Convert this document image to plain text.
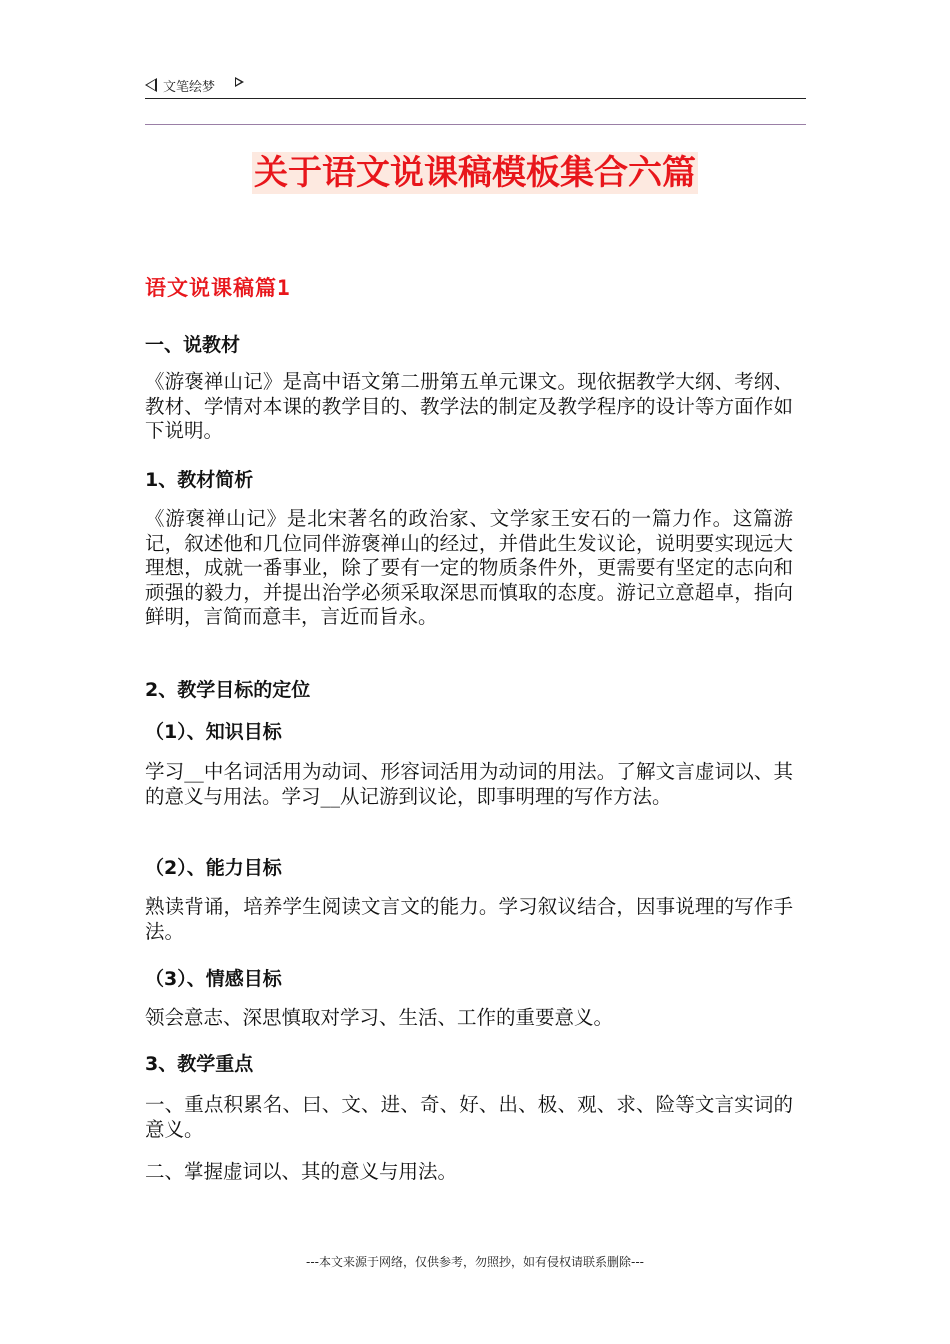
文笔绘梦
关于语文说课稿模板集合六篇
语文说课稿篇1
一、说教材
《游褒禅山记》是高中语文第二册第五单元课文。现依据教学大纲、考纲、教材、学情对本课的教学目的、教学法的制定及教学程序的设计等方面作如下说明。
1、教材简析
《游褒禅山记》是北宋著名的政治家、文学家王安石的一篇力作。这篇游记，叙述他和几位同伴游褒禅山的经过，并借此生发议论，说明要实现远大理想，成就一番事业，除了要有一定的物质条件外，更需要有坚定的志向和顽强的毅力，并提出治学必须采取深思而慎取的态度。游记立意超卓，指向鲜明，言简而意丰，言近而旨永。
2、教学目标的定位
（1）、知识目标
学习__中名词活用为动词、形容词活用为动词的用法。了解文言虚词以、其的意义与用法。学习__从记游到议论，即事明理的写作方法。
（2）、能力目标
熟读背诵，培养学生阅读文言文的能力。学习叙议结合，因事说理的写作手法。
（3）、情感目标
领会意志、深思慎取对学习、生活、工作的重要意义。
3、教学重点
一、重点积累名、曰、文、进、奇、好、出、极、观、求、险等文言实词的意义。
二、掌握虚词以、其的意义与用法。
---本文来源于网络，仅供参考，勿照抄，如有侵权请联系删除---
